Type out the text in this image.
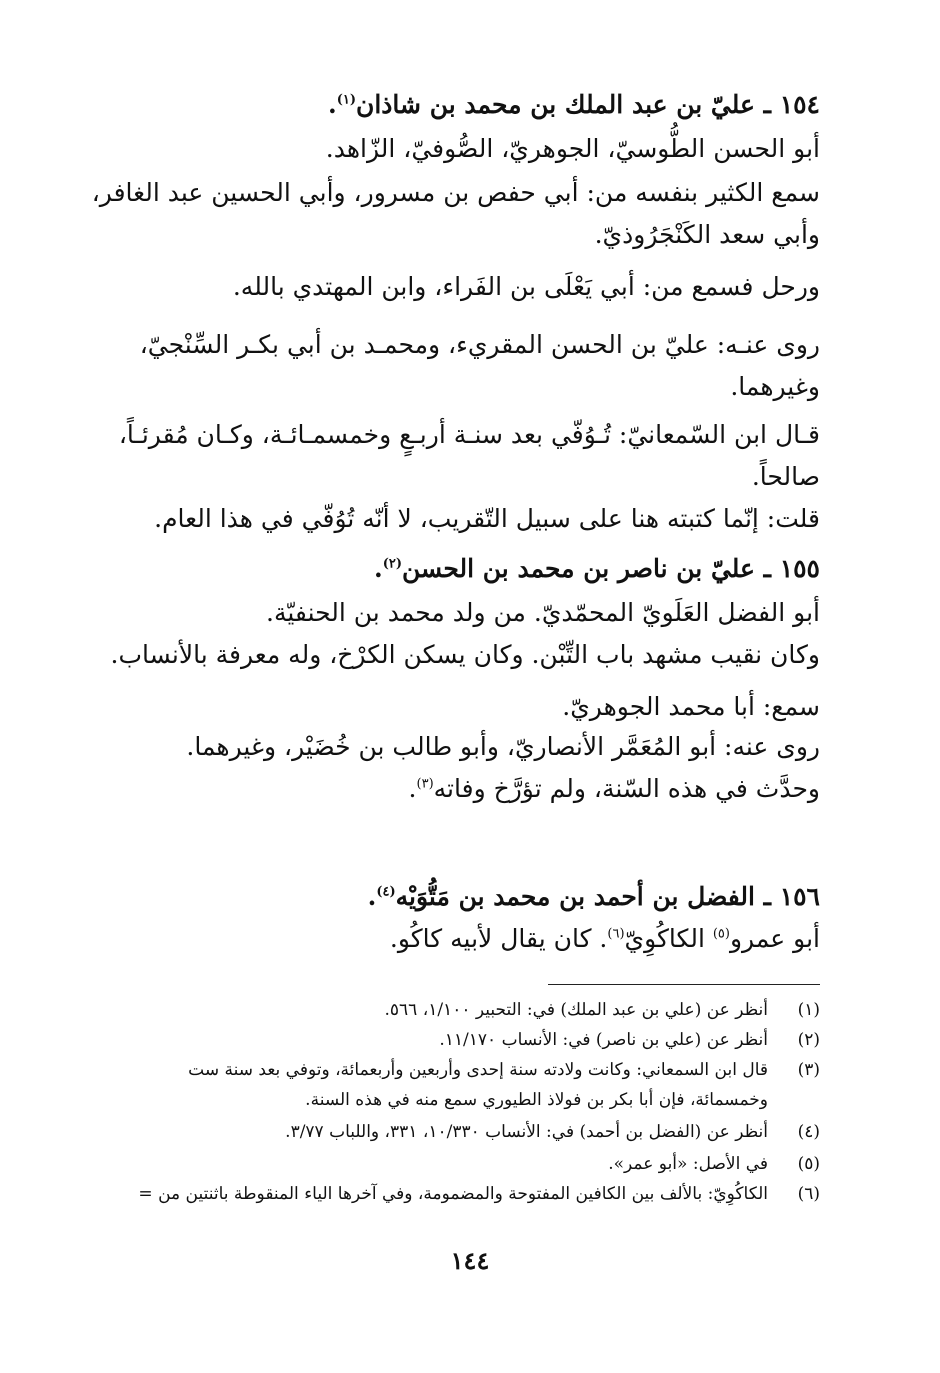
١٥٤ ـ عليّ بن عبد الملك بن محمد بن شاذان$^{(١)}$.
أبو الحسن الطُّوسيّ، الجوهريّ، الصُّوفيّ، الزّاهد.
سمع الكثير بنفسه من: أبي حفص بن مسرور، وأبي الحسين عبد الغافر،
وأبي سعد الكَنْجَرُوذيّ.
ورحل فسمع من: أبي يَعْلَى بن الفَراء، وابن المهتدي بالله.
روى عنـه: عليّ بن الحسن المقريء، ومحمـد بن أبي بكـر السِّنْجيّ،
وغيرهما.
قـال ابن السّمعانيّ: تُـوُفّي بعد سنـة أربـعٍ وخمسمـائـة، وكـان مُقرئـاً،
صالحاً.
قلت: إنّما كتبته هنا على سبيل التّقريب، لا أنّه تُوُفّي في هذا العام.
١٥٥ ـ عليّ بن ناصر بن محمد بن الحسن$^{(٢)}$.
أبو الفضل العَلَويّ المحمّديّ. من ولد محمد بن الحنفيّة.
وكان نقيب مشهد باب التِّبْن. وكان يسكن الكرْخ، وله معرفة بالأنساب.
سمع: أبا محمد الجوهريّ.
روى عنه: أبو المُعَمَّر الأنصاريّ، وأبو طالب بن خُضَيْر، وغيرهما.
وحدَّث في هذه السّنة، ولم تؤرَّخ وفاته$^{(٣)}$.
١٥٦ ـ الفضل بن أحمد بن محمد بن مَتُّوَيْه$^{(٤)}$.
أبو عمرو$^{(٥)}$ الكاكُوِيّ$^{(٦)}$. كان يقال لأبيه كاكُو.
(١)
أنظر عن (علي بن عبد الملك) في: التحبير ١/١٠٠، ٥٦٦.
(٢)
أنظر عن (علي بن ناصر) في: الأنساب ١١/١٧٠.
(٣)
قال ابن السمعاني: وكانت ولادته سنة إحدى وأربعين وأربعمائة، وتوفي بعد سنة ست
وخمسمائة، فإن أبا بكر بن فولاذ الطيوري سمع منه في هذه السنة.
(٤)
أنظر عن (الفضل بن أحمد) في: الأنساب ١٠/٣٣٠، ٣٣١، واللباب ٣/٧٧.
(٥)
في الأصل: «أبو عمر».
(٦)
الكاكُوِيّ: بالألف بين الكافين المفتوحة والمضمومة، وفي آخرها الياء المنقوطة باثنتين من =
١٤٤
